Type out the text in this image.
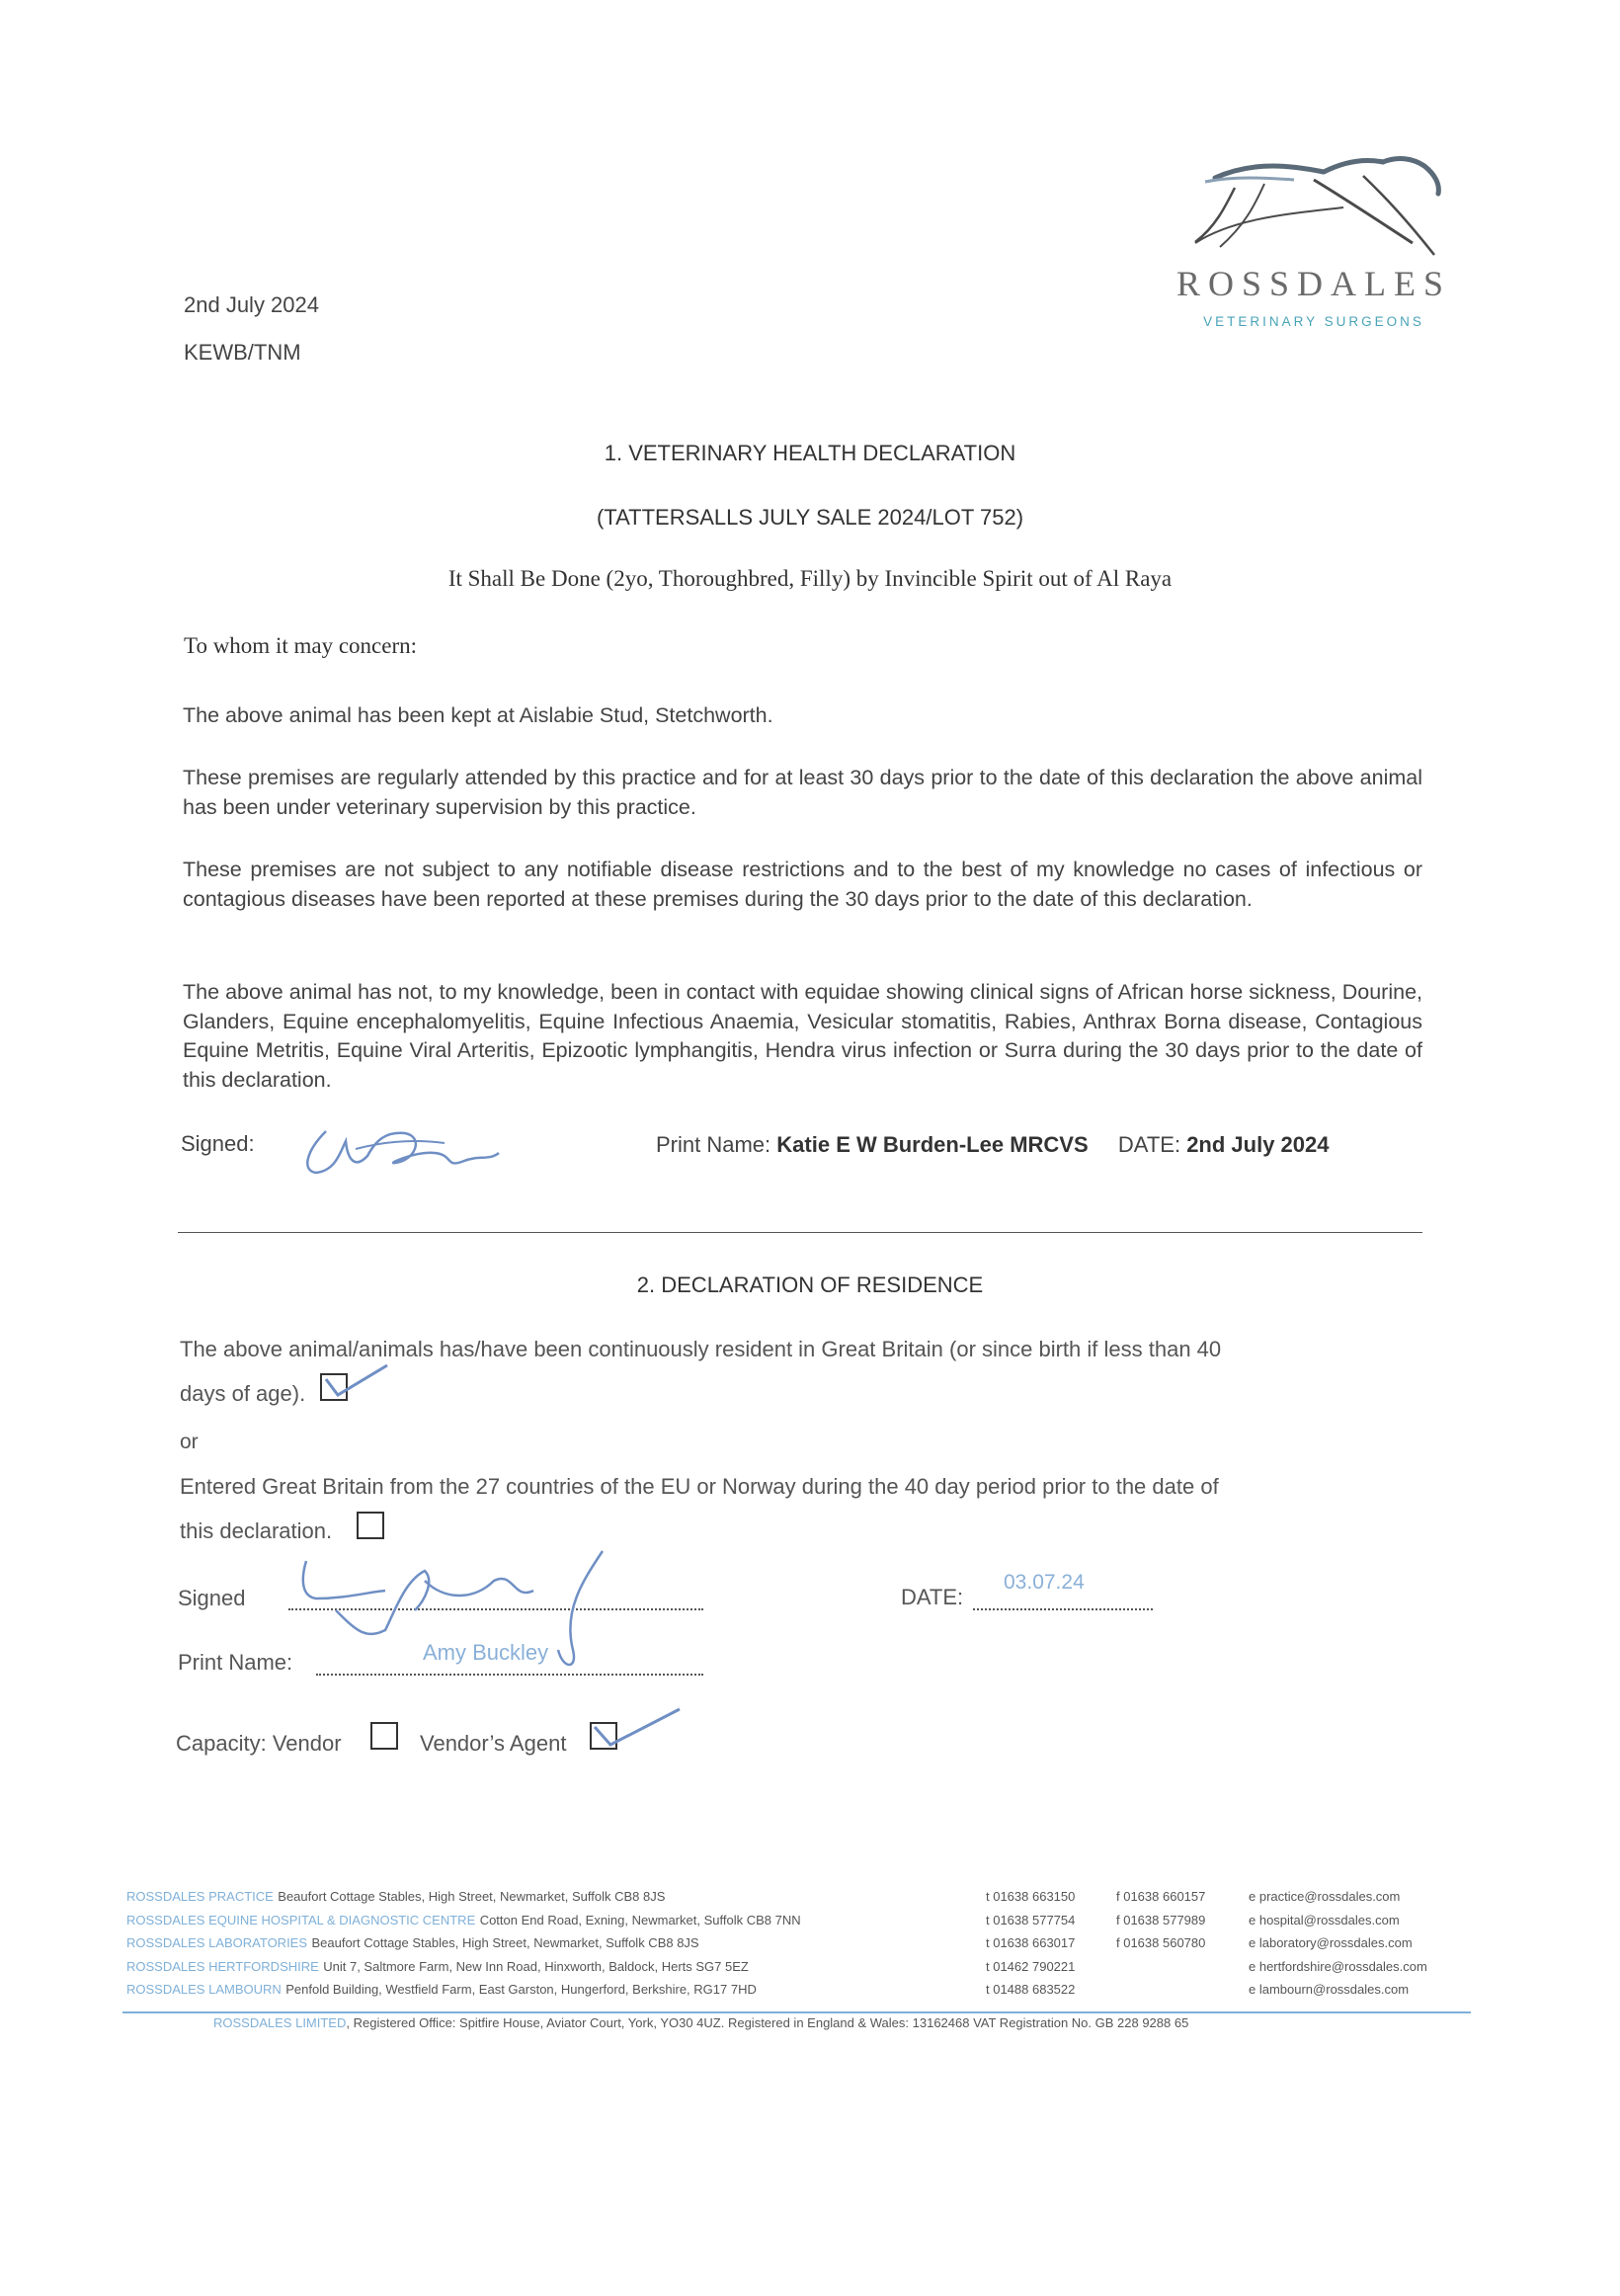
2nd July 2024
KEWB/TNM
ROSSDALES
VETERINARY SURGEONS
1. VETERINARY HEALTH DECLARATION
(TATTERSALLS JULY SALE 2024/LOT 752)
It Shall Be Done (2yo, Thoroughbred, Filly) by Invincible Spirit out of Al Raya
To whom it may concern:
The above animal has been kept at Aislabie Stud, Stetchworth.
These premises are regularly attended by this practice and for at least 30 days prior to the date of this declaration the above animal has been under veterinary supervision by this practice.
These premises are not subject to any notifiable disease restrictions and to the best of my knowledge no cases of infectious or contagious diseases have been reported at these premises during the 30 days prior to the date of this declaration.
The above animal has not, to my knowledge, been in contact with equidae showing clinical signs of African horse sickness, Dourine, Glanders, Equine encephalomyelitis, Equine Infectious Anaemia, Vesicular stomatitis, Rabies, Anthrax Borna disease, Contagious Equine Metritis, Equine Viral Arteritis, Epizootic lymphangitis, Hendra virus infection or Surra during the 30 days prior to the date of this declaration.
Signed:	Print Name: Katie E W Burden-Lee MRCVS DATE: 2nd July 2024
2. DECLARATION OF RESIDENCE
The above animal/animals has/have been continuously resident in Great Britain (or since birth if less than 40
days of age).
or
Entered Great Britain from the 27 countries of the EU or Norway during the 40 day period prior to the date of
this declaration.
Signed	DATE:
03.07.24
Print Name:	Amy Buckley
Capacity: Vendor	Vendor’s Agent
ROSSDALES PRACTICE Beaufort Cottage Stables, High Street, Newmarket, Suffolk CB8 8JS	t 01638 663150	f 01638 660157	e practice@rossdales.com
ROSSDALES EQUINE HOSPITAL & DIAGNOSTIC CENTRE Cotton End Road, Exning, Newmarket, Suffolk CB8 7NN	t 01638 577754	f 01638 577989	e hospital@rossdales.com
ROSSDALES LABORATORIES Beaufort Cottage Stables, High Street, Newmarket, Suffolk CB8 8JS	t 01638 663017	f 01638 560780	e laboratory@rossdales.com
ROSSDALES HERTFORDSHIRE Unit 7, Saltmore Farm, New Inn Road, Hinxworth, Baldock, Herts SG7 5EZ	t 01462 790221	e hertfordshire@rossdales.com
ROSSDALES LAMBOURN Penfold Building, Westfield Farm, East Garston, Hungerford, Berkshire, RG17 7HD	t 01488 683522	e lambourn@rossdales.com
ROSSDALES LIMITED, Registered Office: Spitfire House, Aviator Court, York, YO30 4UZ. Registered in England & Wales: 13162468 VAT Registration No. GB 228 9288 65
